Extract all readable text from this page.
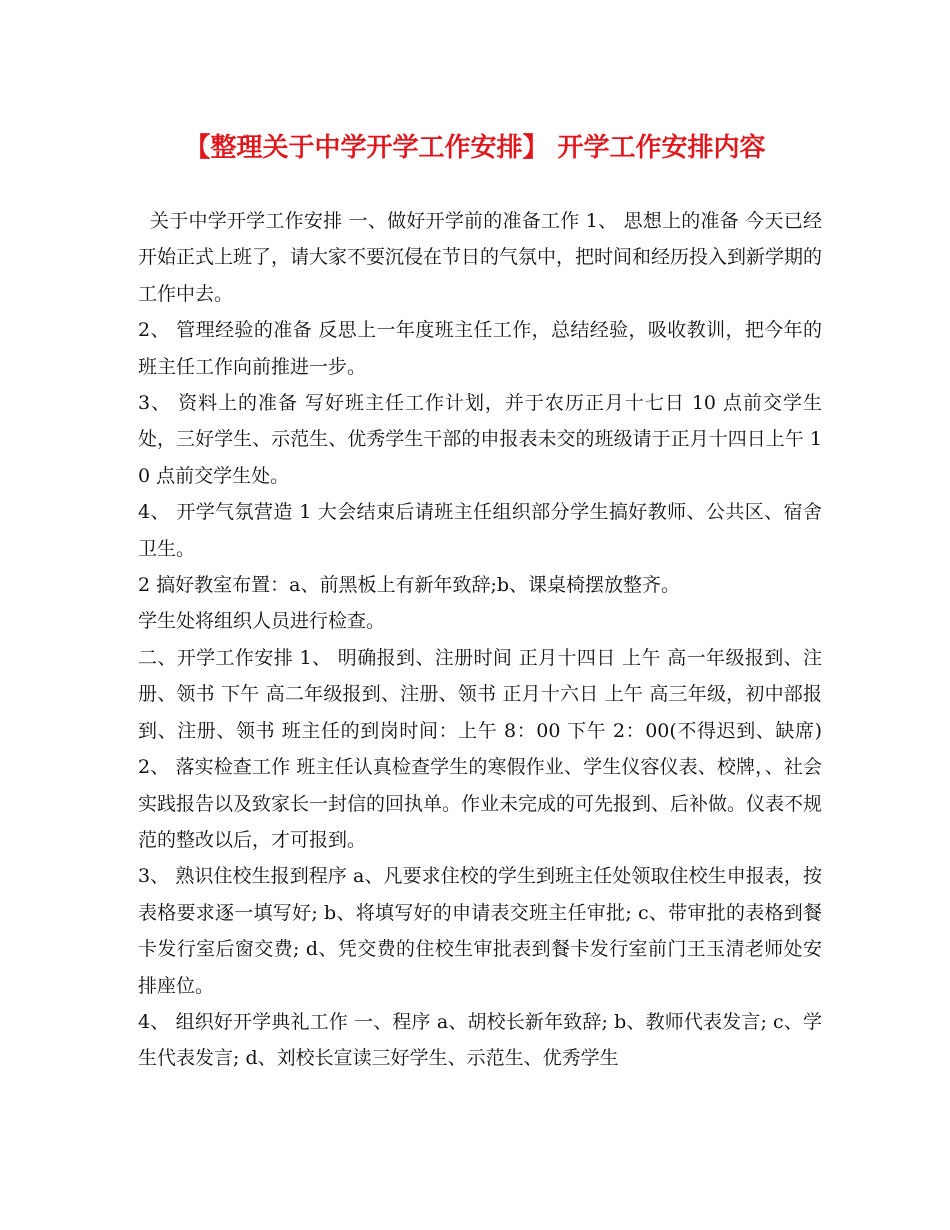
【整理关于中学开学工作安排】 开学工作安排内容

关于中学开学工作安排 一、做好开学前的准备工作 1、 思想上的准备 今天已经开始正式上班了，请大家不要沉侵在节日的气氛中，把时间和经历投入到新学期的工作中去。

2、 管理经验的准备 反思上一年度班主任工作，总结经验，吸收教训，把今年的班主任工作向前推进一步。

3、 资料上的准备 写好班主任工作计划，并于农历正月十七日 10 点前交学生处，三好学生、示范生、优秀学生干部的申报表未交的班级请于正月十四日上午 10 点前交学生处。

4、 开学气氛营造 1 大会结束后请班主任组织部分学生搞好教师、公共区、宿舍卫生。

2 搞好教室布置：a、前黑板上有新年致辞;b、课桌椅摆放整齐。

学生处将组织人员进行检查。

二、开学工作安排 1、 明确报到、注册时间 正月十四日 上午 高一年级报到、注册、领书 下午 高二年级报到、注册、领书 正月十六日 上午 高三年级，初中部报到、注册、领书 班主任的到岗时间：上午 8：00 下午 2：00(不得迟到、缺席) 2、 落实检查工作 班主任认真检查学生的寒假作业、学生仪容仪表、校牌，、社会实践报告以及致家长一封信的回执单。作业未完成的可先报到、后补做。仪表不规范的整改以后，才可报到。

3、 熟识住校生报到程序 a、凡要求住校的学生到班主任处领取住校生申报表，按表格要求逐一填写好; b、将填写好的申请表交班主任审批; c、带审批的表格到餐卡发行室后窗交费; d、凭交费的住校生审批表到餐卡发行室前门王玉清老师处安排座位。

4、 组织好开学典礼工作 一、程序 a、胡校长新年致辞; b、教师代表发言; c、学生代表发言; d、刘校长宣读三好学生、示范生、优秀学生
